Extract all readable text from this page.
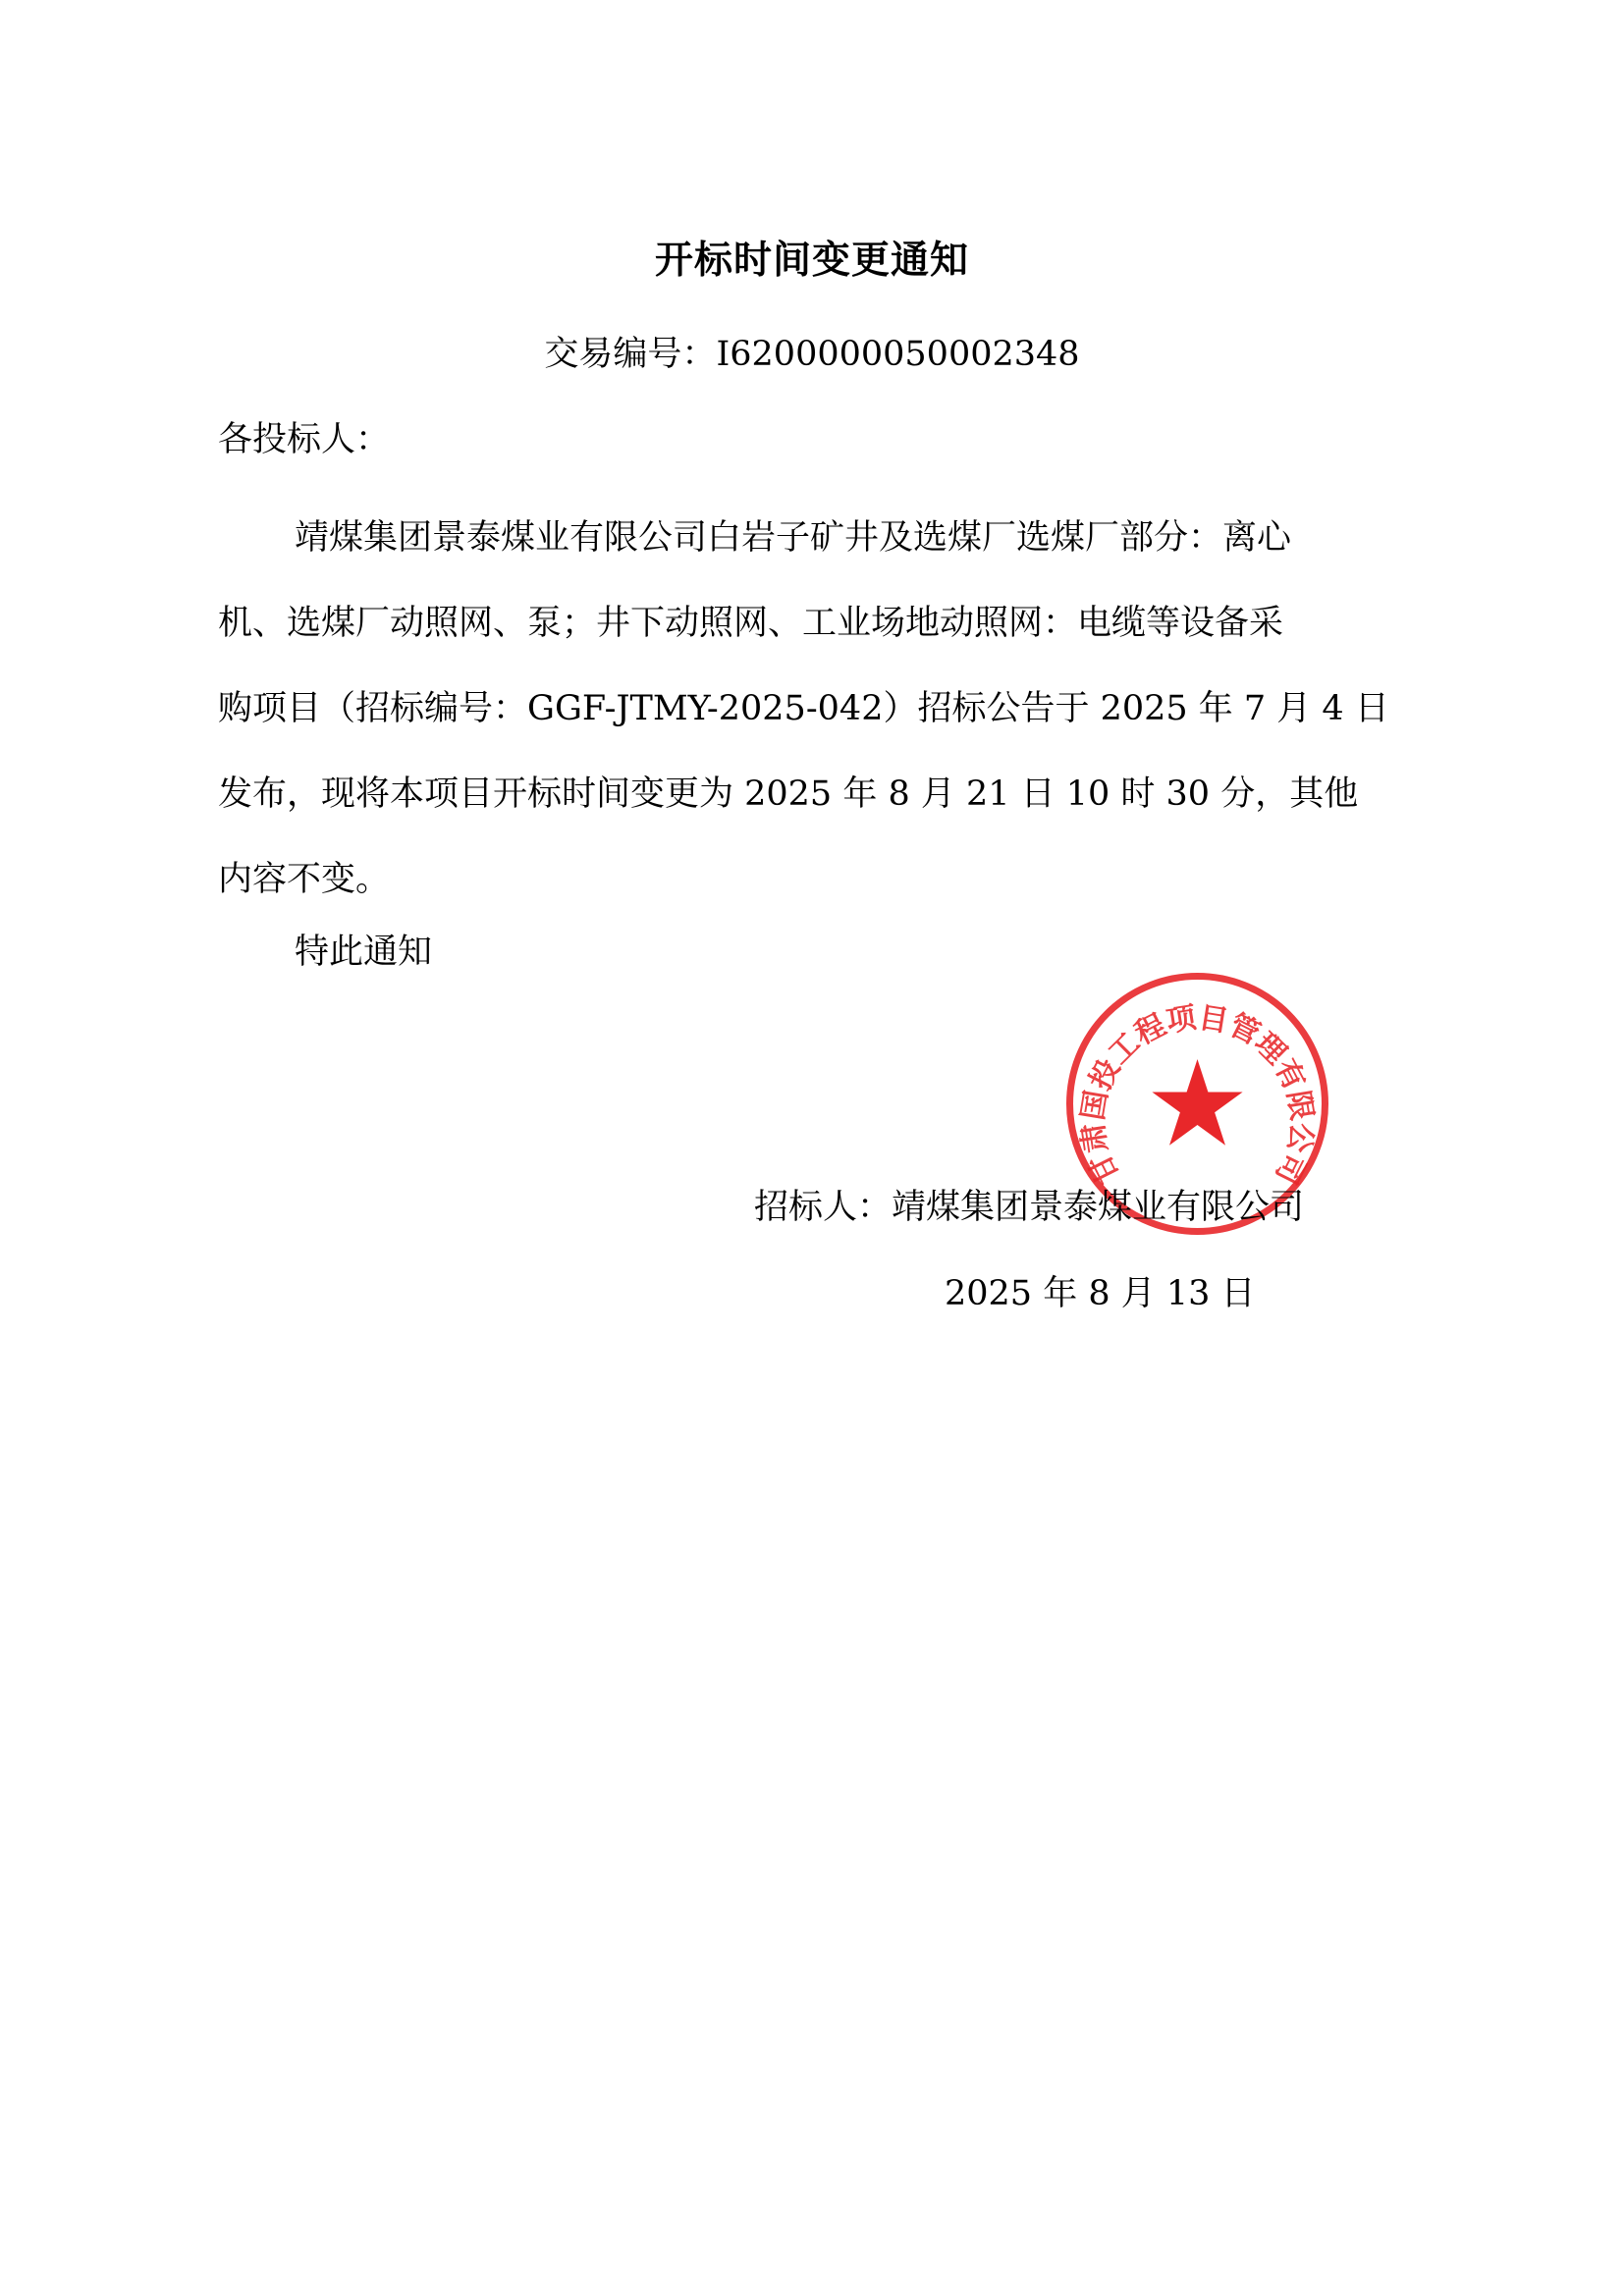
开标时间变更通知
交易编号：I6200000050002348
各投标人：
靖煤集团景泰煤业有限公司白岩子矿井及选煤厂选煤厂部分：离心
机、选煤厂动照网、泵；井下动照网、工业场地动照网：电缆等设备采
购项目（招标编号：GGF-JTMY-2025-042）招标公告于 2025 年 7 月 4 日
发布，现将本项目开标时间变更为 2025 年 8 月 21 日 10 时 30 分，其他
内容不变。
特此通知
甘肃国投工程项目管理有限公司
招标人：靖煤集团景泰煤业有限公司
2025 年 8 月 13 日
